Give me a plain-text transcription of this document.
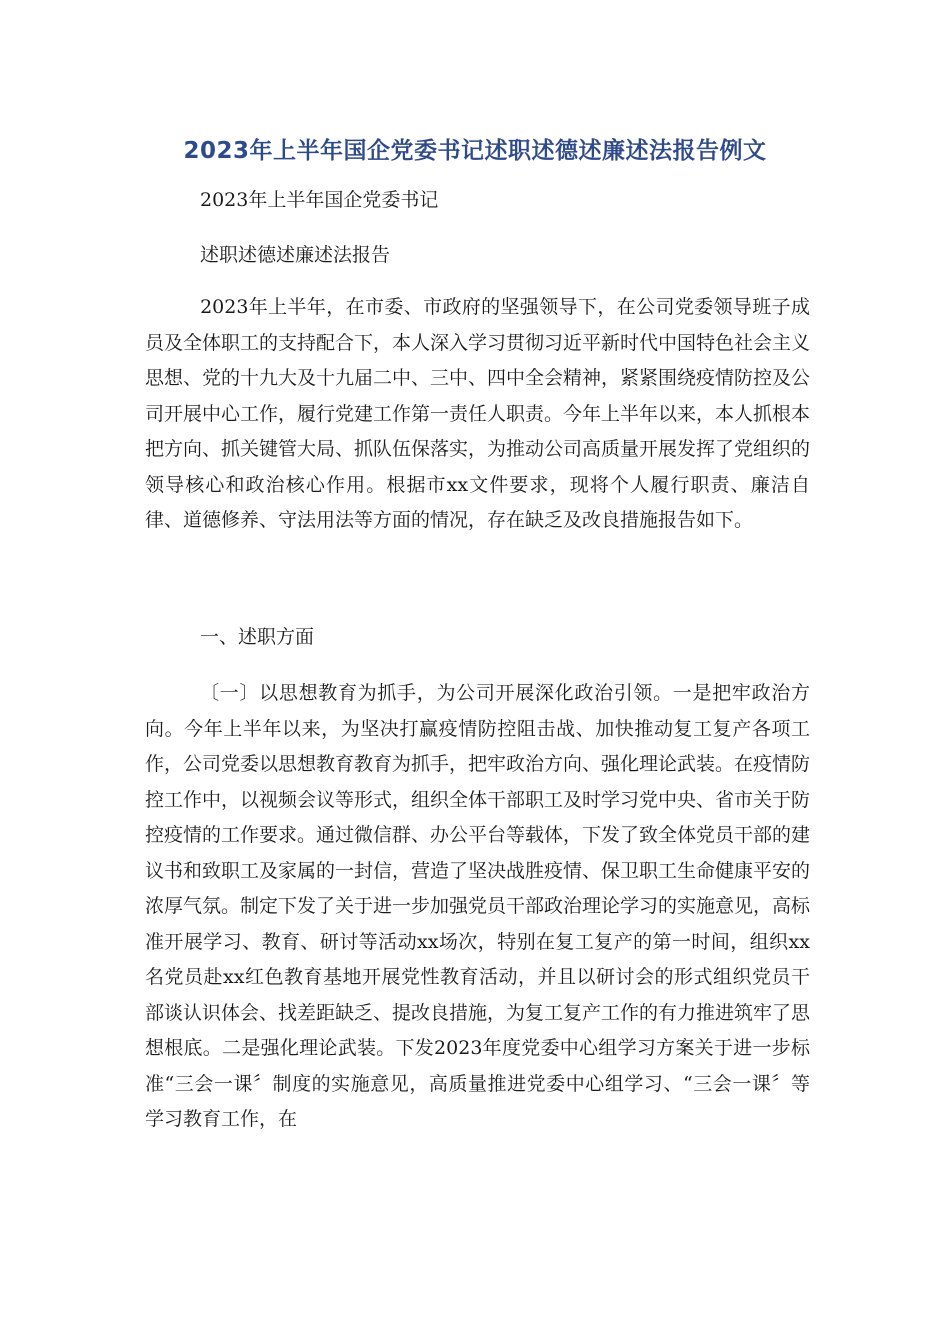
2023年上半年国企党委书记述职述德述廉述法报告例文

2023年上半年国企党委书记

述职述德述廉述法报告

2023年上半年，在市委、市政府的坚强领导下，在公司党委领导班子成员及全体职工的支持配合下，本人深入学习贯彻习近平新时代中国特色社会主义思想、党的十九大及十九届二中、三中、四中全会精神，紧紧围绕疫情防控及公司开展中心工作，履行党建工作第一责任人职责。今年上半年以来，本人抓根本把方向、抓关键管大局、抓队伍保落实，为推动公司高质量开展发挥了党组织的领导核心和政治核心作用。根据市xx文件要求，现将个人履行职责、廉洁自律、道德修养、守法用法等方面的情况，存在缺乏及改良措施报告如下。

一、述职方面

〔一〕以思想教育为抓手，为公司开展深化政治引领。一是把牢政治方向。今年上半年以来，为坚决打赢疫情防控阻击战、加快推动复工复产各项工作，公司党委以思想教育教育为抓手，把牢政治方向、强化理论武装。在疫情防控工作中，以视频会议等形式，组织全体干部职工及时学习党中央、省市关于防控疫情的工作要求。通过微信群、办公平台等载体，下发了致全体党员干部的建议书和致职工及家属的一封信，营造了坚决战胜疫情、保卫职工生命健康平安的浓厚气氛。制定下发了关于进一步加强党员干部政治理论学习的实施意见，高标准开展学习、教育、研讨等活动xx场次，特别在复工复产的第一时间，组织xx名党员赴xx红色教育基地开展党性教育活动，并且以研讨会的形式组织党员干部谈认识体会、找差距缺乏、提改良措施，为复工复产工作的有力推进筑牢了思想根底。二是强化理论武装。下发2023年度党委中心组学习方案关于进一步标准“三会一课〞制度的实施意见，高质量推进党委中心组学习、“三会一课〞等学习教育工作，在
